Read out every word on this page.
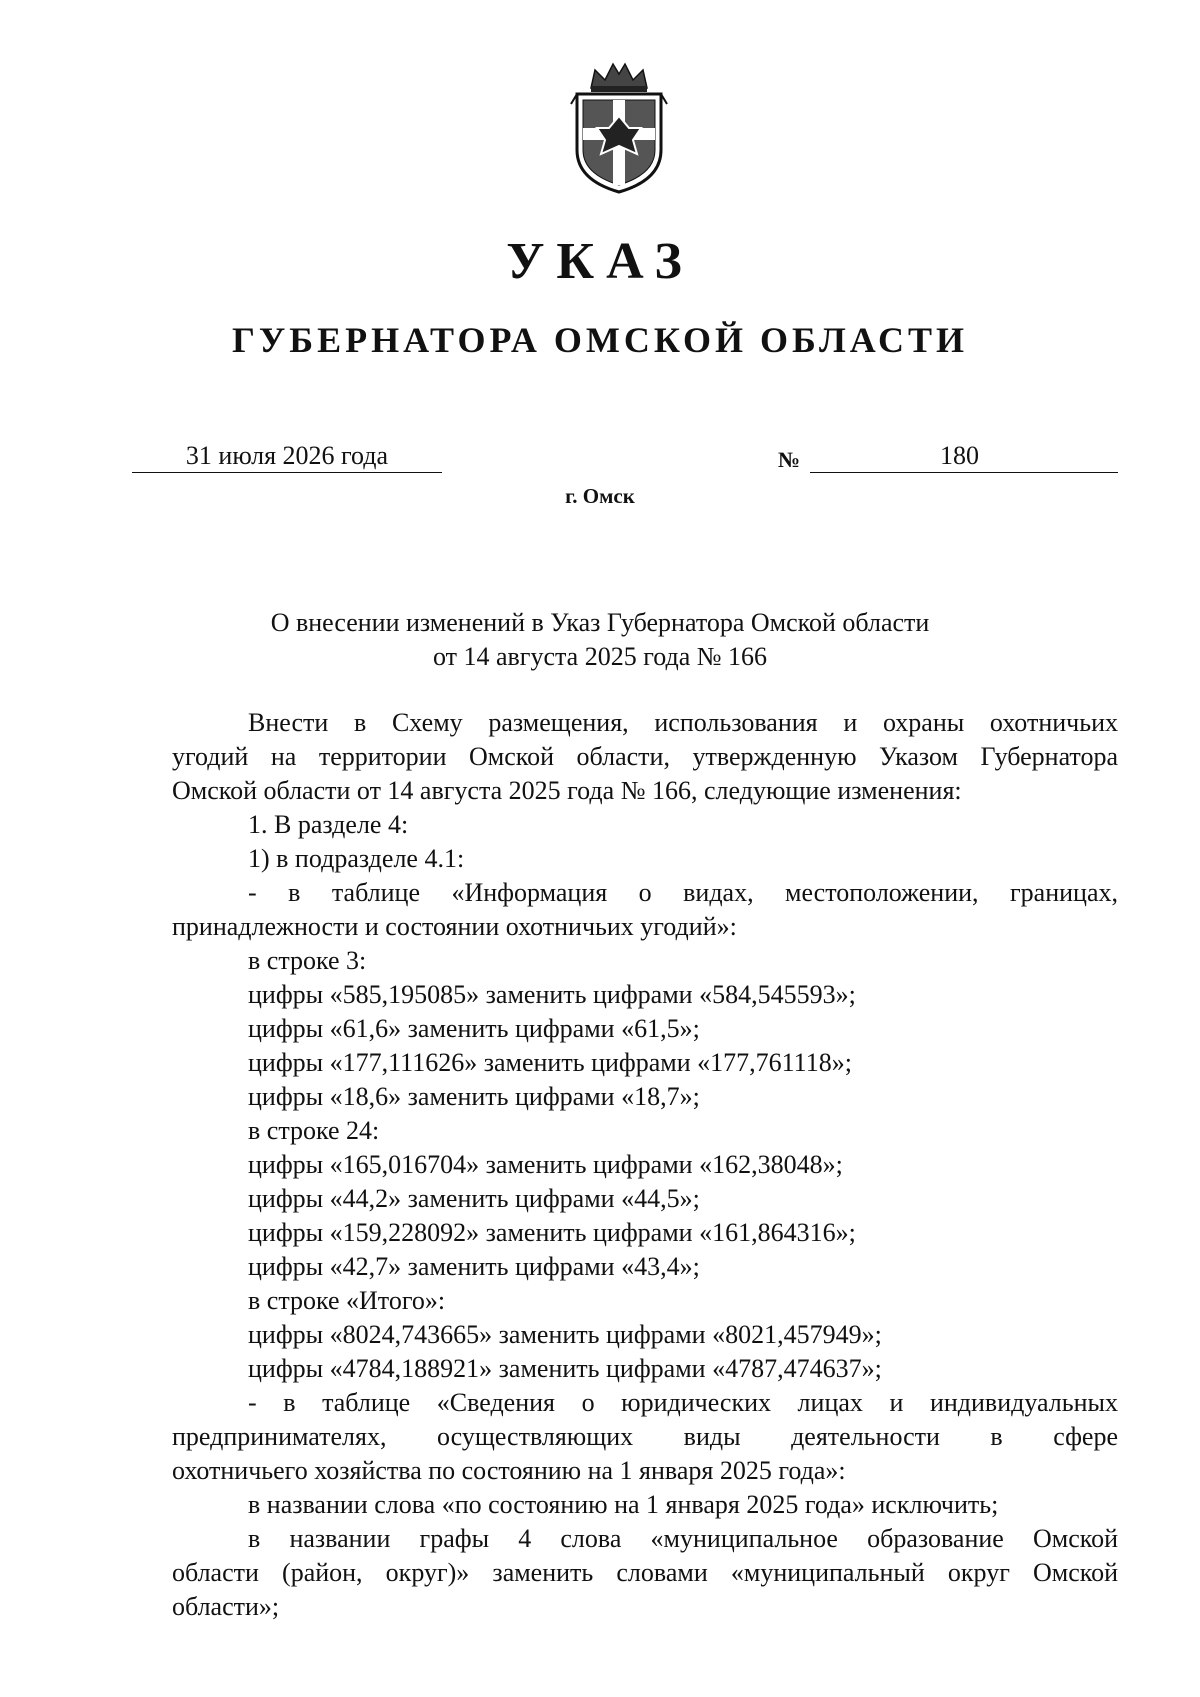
УКАЗ
ГУБЕРНАТОРА ОМСКОЙ ОБЛАСТИ
31 июля 2026 года	№	180
г. Омск
О внесении изменений в Указ Губернатора Омской области
от 14 августа 2025 года № 166

Внести в Схему размещения, использования и охраны охотничьих

угодий на территории Омской области, утвержденную Указом Губернатора

Омской области от 14 августа 2025 года № 166, следующие изменения:

1. В разделе 4:

1) в подразделе 4.1:

- в таблице «Информация о видах, местоположении, границах,

принадлежности и состоянии охотничьих угодий»:

в строке 3:

цифры «585,195085» заменить цифрами «584,545593»;

цифры «61,6» заменить цифрами «61,5»;

цифры «177,111626» заменить цифрами «177,761118»;

цифры «18,6» заменить цифрами «18,7»;

в строке 24:

цифры «165,016704» заменить цифрами «162,38048»;

цифры «44,2» заменить цифрами «44,5»;

цифры «159,228092» заменить цифрами «161,864316»;

цифры «42,7» заменить цифрами «43,4»;

в строке «Итого»:

цифры «8024,743665» заменить цифрами «8021,457949»;

цифры «4784,188921» заменить цифрами «4787,474637»;

- в таблице «Сведения о юридических лицах и индивидуальных

предпринимателях, осуществляющих виды деятельности в сфере

охотничьего хозяйства по состоянию на 1 января 2025 года»:

в названии слова «по состоянию на 1 января 2025 года» исключить;

в названии графы 4 слова «муниципальное образование Омской

области (район, округ)» заменить словами «муниципальный округ Омской

области»;
